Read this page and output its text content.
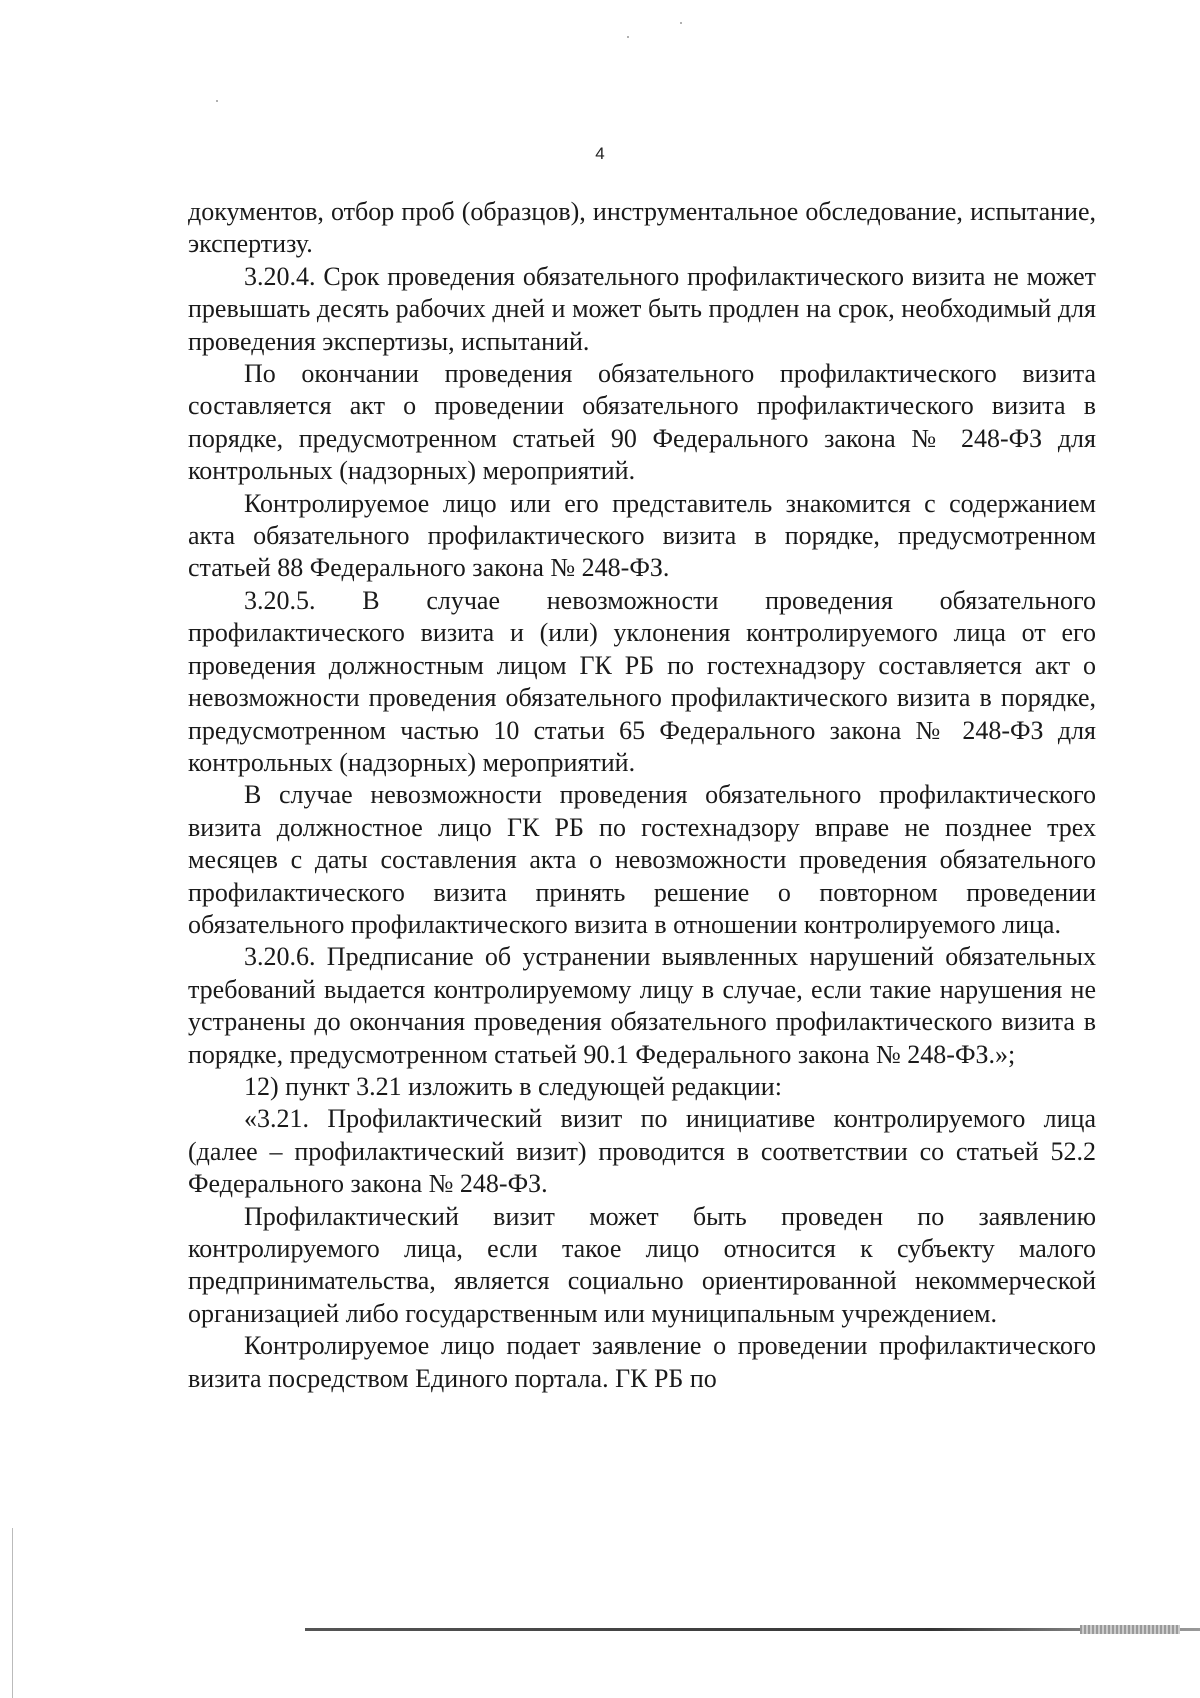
4

документов, отбор проб (образцов), инструментальное обследование, испытание, экспертизу.

3.20.4. Срок проведения обязательного профилактического визита не может превышать десять рабочих дней и может быть продлен на срок, необходимый для проведения экспертизы, испытаний.

По окончании проведения обязательного профилактического визита составляется акт о проведении обязательного профилактического визита в порядке, предусмотренном статьей 90 Федерального закона № 248-ФЗ для контрольных (надзорных) мероприятий.

Контролируемое лицо или его представитель знакомится с содержанием акта обязательного профилактического визита в порядке, предусмотренном статьей 88 Федерального закона № 248-ФЗ.

3.20.5. В случае невозможности проведения обязательного профилактического визита и (или) уклонения контролируемого лица от его проведения должностным лицом ГК РБ по гостехнадзору составляется акт о невозможности проведения обязательного профилактического визита в порядке, предусмотренном частью 10 статьи 65 Федерального закона № 248-ФЗ для контрольных (надзорных) мероприятий.

В случае невозможности проведения обязательного профилактического визита должностное лицо ГК РБ по гостехнадзору вправе не позднее трех месяцев с даты составления акта о невозможности проведения обязательного профилактического визита принять решение о повторном проведении обязательного профилактического визита в отношении контролируемого лица.

3.20.6. Предписание об устранении выявленных нарушений обязательных требований выдается контролируемому лицу в случае, если такие нарушения не устранены до окончания проведения обязательного профилактического визита в порядке, предусмотренном статьей 90.1 Федерального закона № 248-ФЗ.»;

12) пункт 3.21 изложить в следующей редакции:

«3.21. Профилактический визит по инициативе контролируемого лица (далее – профилактический визит) проводится в соответствии со статьей 52.2 Федерального закона № 248-ФЗ.

Профилактический визит может быть проведен по заявлению контролируемого лица, если такое лицо относится к субъекту малого предпринимательства, является социально ориентированной некоммерческой организацией либо государственным или муниципальным учреждением.

Контролируемое лицо подает заявление о проведении профилактического визита посредством Единого портала. ГК РБ по
